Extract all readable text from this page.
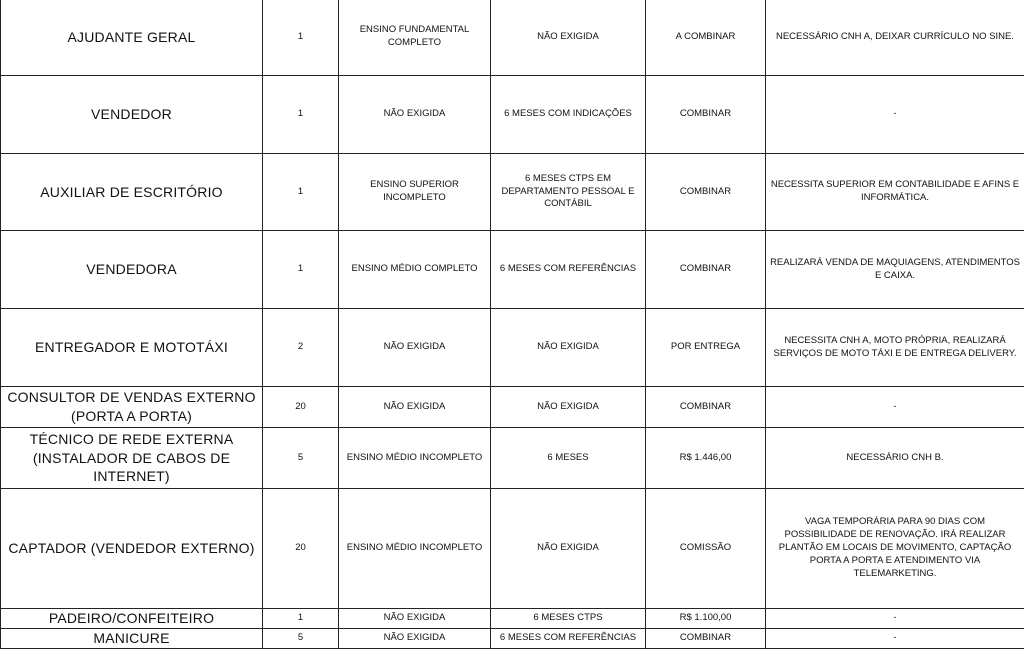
AJUDANTE GERAL	1	ENSINO FUNDAMENTAL COMPLETO	NÃO EXIGIDA	A COMBINAR	NECESSÁRIO CNH A, DEIXAR CURRÍCULO NO SINE.
VENDEDOR	1	NÃO EXIGIDA	6 MESES COM INDICAÇÕES	COMBINAR	-
AUXILIAR DE ESCRITÓRIO	1	ENSINO SUPERIOR INCOMPLETO	6 MESES CTPS EM DEPARTAMENTO PESSOAL E CONTÁBIL	COMBINAR	NECESSITA SUPERIOR EM CONTABILIDADE E AFINS E INFORMÁTICA.
VENDEDORA	1	ENSINO MÉDIO COMPLETO	6 MESES COM REFERÊNCIAS	COMBINAR	REALIZARÁ VENDA DE MAQUIAGENS, ATENDIMENTOS E CAIXA.
ENTREGADOR E MOTOTÁXI	2	NÃO EXIGIDA	NÃO EXIGIDA	POR ENTREGA	NECESSITA CNH A, MOTO PRÓPRIA, REALIZARÁ SERVIÇOS DE MOTO TÁXI E DE ENTREGA DELIVERY.
CONSULTOR DE VENDAS EXTERNO (PORTA A PORTA)	20	NÃO EXIGIDA	NÃO EXIGIDA	COMBINAR	-
TÉCNICO DE REDE EXTERNA (INSTALADOR DE CABOS DE INTERNET)	5	ENSINO MÉDIO INCOMPLETO	6 MESES	R$ 1.446,00	NECESSÁRIO CNH B.
CAPTADOR (VENDEDOR EXTERNO)	20	ENSINO MÉDIO INCOMPLETO	NÃO EXIGIDA	COMISSÃO	VAGA TEMPORÁRIA PARA 90 DIAS COM POSSIBILIDADE DE RENOVAÇÃO. IRÁ REALIZAR PLANTÃO EM LOCAIS DE MOVIMENTO, CAPTAÇÃO PORTA A PORTA E ATENDIMENTO VIA TELEMARKETING.
PADEIRO/CONFEITEIRO	1	NÃO EXIGIDA	6 MESES CTPS	R$ 1.100,00	-
MANICURE	5	NÃO EXIGIDA	6 MESES COM REFERÊNCIAS	COMBINAR	-
